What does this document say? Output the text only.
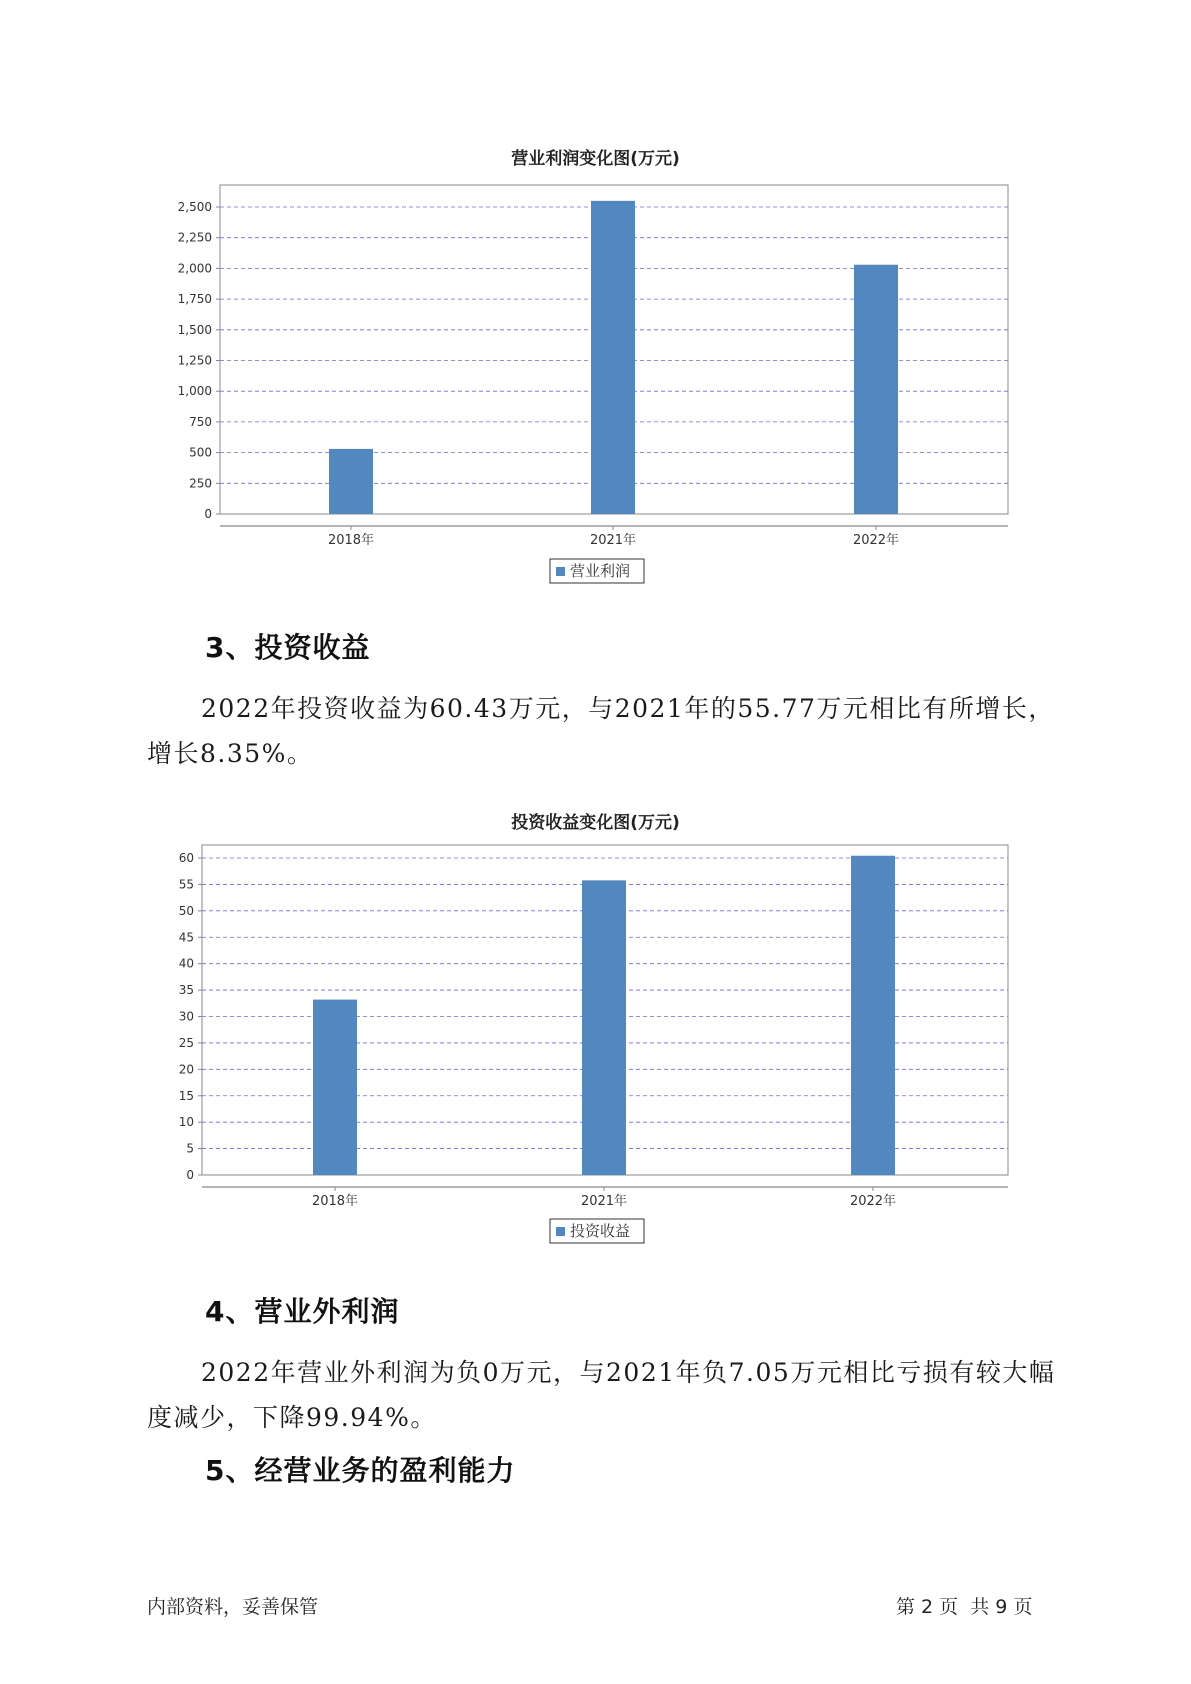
营业利润变化图(万元)
0
250
500
750
1,000
1,250
1,500
1,750
2,000
2,250
2,500
2018年	2021年	2022年
营业利润
3、投资收益
2022年投资收益为60.43万元，与2021年的55.77万元相比有所增长，增长8.35%。
投资收益变化图(万元)
0
5
10
15
20
25
30
35
40
45
50
55
60
2018年	2021年	2022年
投资收益
4、营业外利润
2022年营业外利润为负0万元，与2021年负7.05万元相比亏损有较大幅度减少，下降99.94%。
5、经营业务的盈利能力
内部资料，妥善保管	第 2 页 共 9 页
